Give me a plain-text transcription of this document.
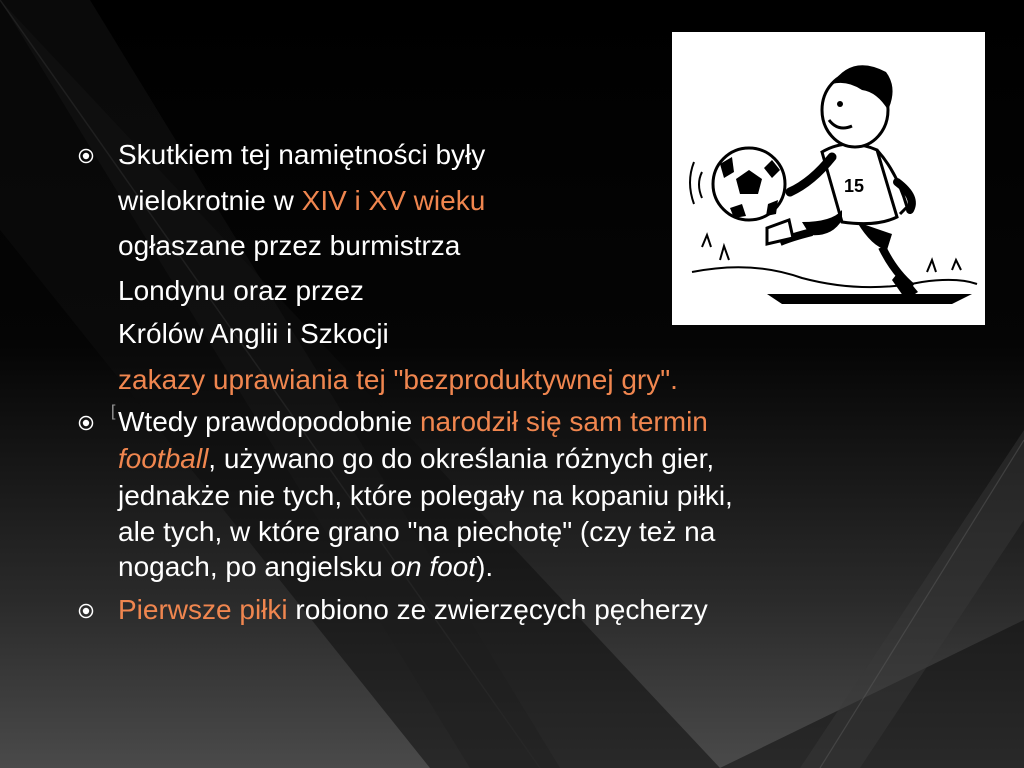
15
Skutkiem tej namiętności były
wielokrotnie w XIV i XV wieku
ogłaszane przez burmistrza
Londynu oraz przez
Królów Anglii i Szkocji
zakazy uprawiania tej "bezproduktywnej gry".
[ Wtedy prawdopodobnie narodził się sam termin
football, używano go do określania różnych gier,
jednakże nie tych, które polegały na kopaniu piłki,
ale tych, w które grano "na piechotę" (czy też na
nogach, po angielsku on foot).
Pierwsze piłki robiono ze zwierzęcych pęcherzy
